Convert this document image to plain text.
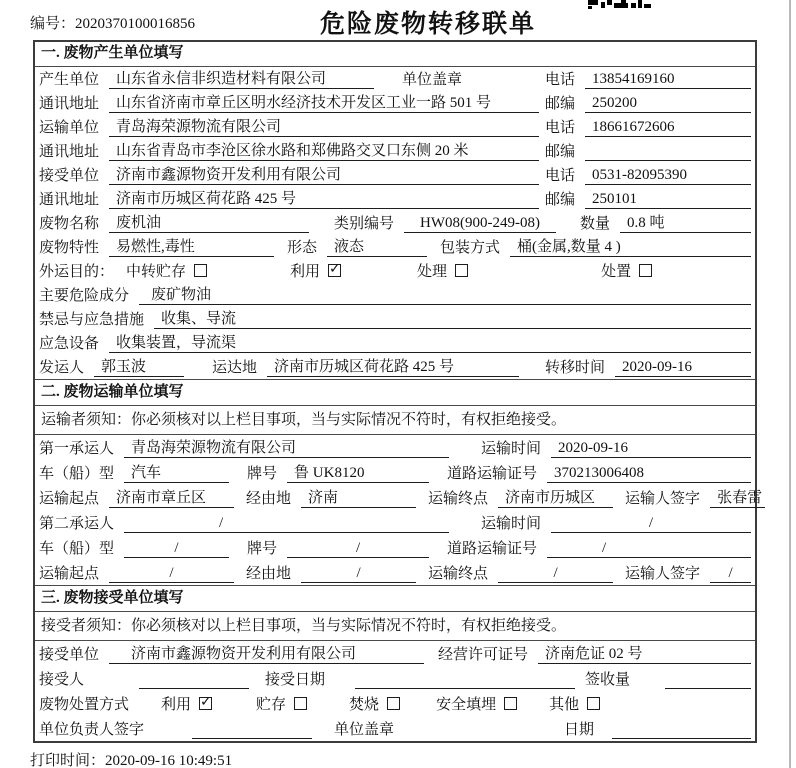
编号：2020370100016856	危险废物转移联单
一. 废物产生单位填写
产生单位	山东省永信非织造材料有限公司	单位盖章	电话	13854169160
通讯地址	山东省济南市章丘区明水经济技术开发区工业一路 501 号	邮编	250200
运输单位	青岛海荣源物流有限公司	电话	18661672606
通讯地址	山东省青岛市李沧区徐水路和郑佛路交叉口东侧 20 米	邮编
接受单位	济南市鑫源物资开发利用有限公司	电话	0531-82095390
通讯地址	济南市历城区荷花路 425 号	邮编	250101
废物名称	废机油	类别编号	HW08(900-249-08)	数量	0.8 吨
废物特性	易燃性,毒性	形态	液态	包装方式	桶(金属,数量 4 )
外运目的： 中转贮存	利用 ✓	处理	处置
主要危险成分	废矿物油
禁忌与应急措施	收集、导流
应急设备	收集装置，导流渠
发运人	郭玉波	运达地	济南市历城区荷花路 425 号	转移时间	2020-09-16
二. 废物运输单位填写
运输者须知：你必须核对以上栏目事项，当与实际情况不符时，有权拒绝接受。
第一承运人	青岛海荣源物流有限公司	运输时间	2020-09-16
车（船）型	汽车	牌号	鲁 UK8120	道路运输证号	370213006408
运输起点	济南市章丘区	经由地	济南	运输终点	济南市历城区	运输人签字	张春雷
第二承运人	/	运输时间	/
车（船）型	/	牌号	/	道路运输证号	/
运输起点	/	经由地	/	运输终点	/	运输人签字	/
三. 废物接受单位填写
接受者须知：你必须核对以上栏目事项，当与实际情况不符时，有权拒绝接受。
接受单位	济南市鑫源物资开发利用有限公司	经营许可证号	济南危证 02 号
接受人	接受日期	签收量
废物处置方式	利用 ✓	贮存	焚烧	安全填埋	其他
单位负责人签字	单位盖章	日期
打印时间：2020-09-16 10:49:51
